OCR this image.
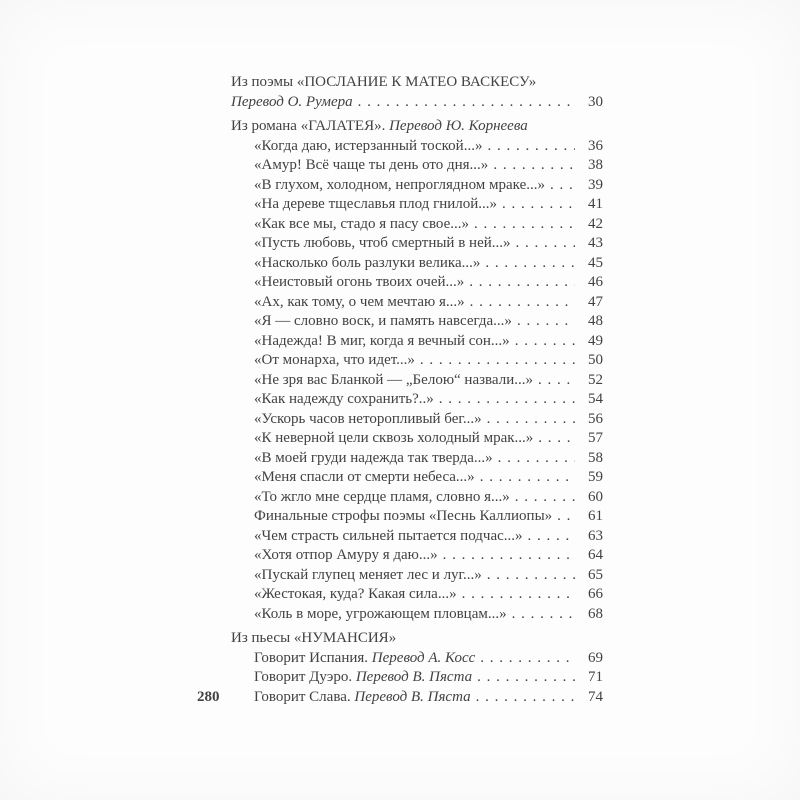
280
Из поэмы «ПОСЛАНИЕ К МАТЕО ВАСКЕСУ»
Перевод О. Румера . . .	30
Из романа «ГАЛАТЕЯ». Перевод Ю. Корнеева
«Когда даю, истерзанный тоской...» . . .	36
«Амур! Всё чаще ты день ото дня...» . . .	38
«В глухом, холодном, непроглядном мраке...» . . .	39
«На дереве тщеславья плод гнилой...» . . .	41
«Как все мы, стадо я пасу свое...» . . .	42
«Пусть любовь, чтоб смертный в ней...» . . .	43
«Насколько боль разлуки велика...» . . .	45
«Неистовый огонь твоих очей...» . . .	46
«Ах, как тому, о чем мечтаю я...» . . .	47
«Я — словно воск, и память навсегда...» . . .	48
«Надежда! В миг, когда я вечный сон...» . . .	49
«От монарха, что идет...» . . .	50
«Не зря вас Бланкой — „Белою“ назвали...» . . .	52
«Как надежду сохранить?..» . . .	54
«Ускорь часов неторопливый бег...» . . .	56
«К неверной цели сквозь холодный мрак...» . . .	57
«В моей груди надежда так тверда...» . . .	58
«Меня спасли от смерти небеса...» . . .	59
«То жгло мне сердце пламя, словно я...» . . .	60
Финальные строфы поэмы «Песнь Каллиопы» . . .	61
«Чем страсть сильней пытается подчас...» . . .	63
«Хотя отпор Амуру я даю...» . . .	64
«Пускай глупец меняет лес и луг...» . . .	65
«Жестокая, куда? Какая сила...» . . .	66
«Коль в море, угрожающем пловцам...» . . .	68
Из пьесы «НУМАНСИЯ»
Говорит Испания. Перевод А. Косс . . .	69
Говорит Дуэро. Перевод В. Пяста . . .	71
Говорит Слава. Перевод В. Пяста . . .	74
